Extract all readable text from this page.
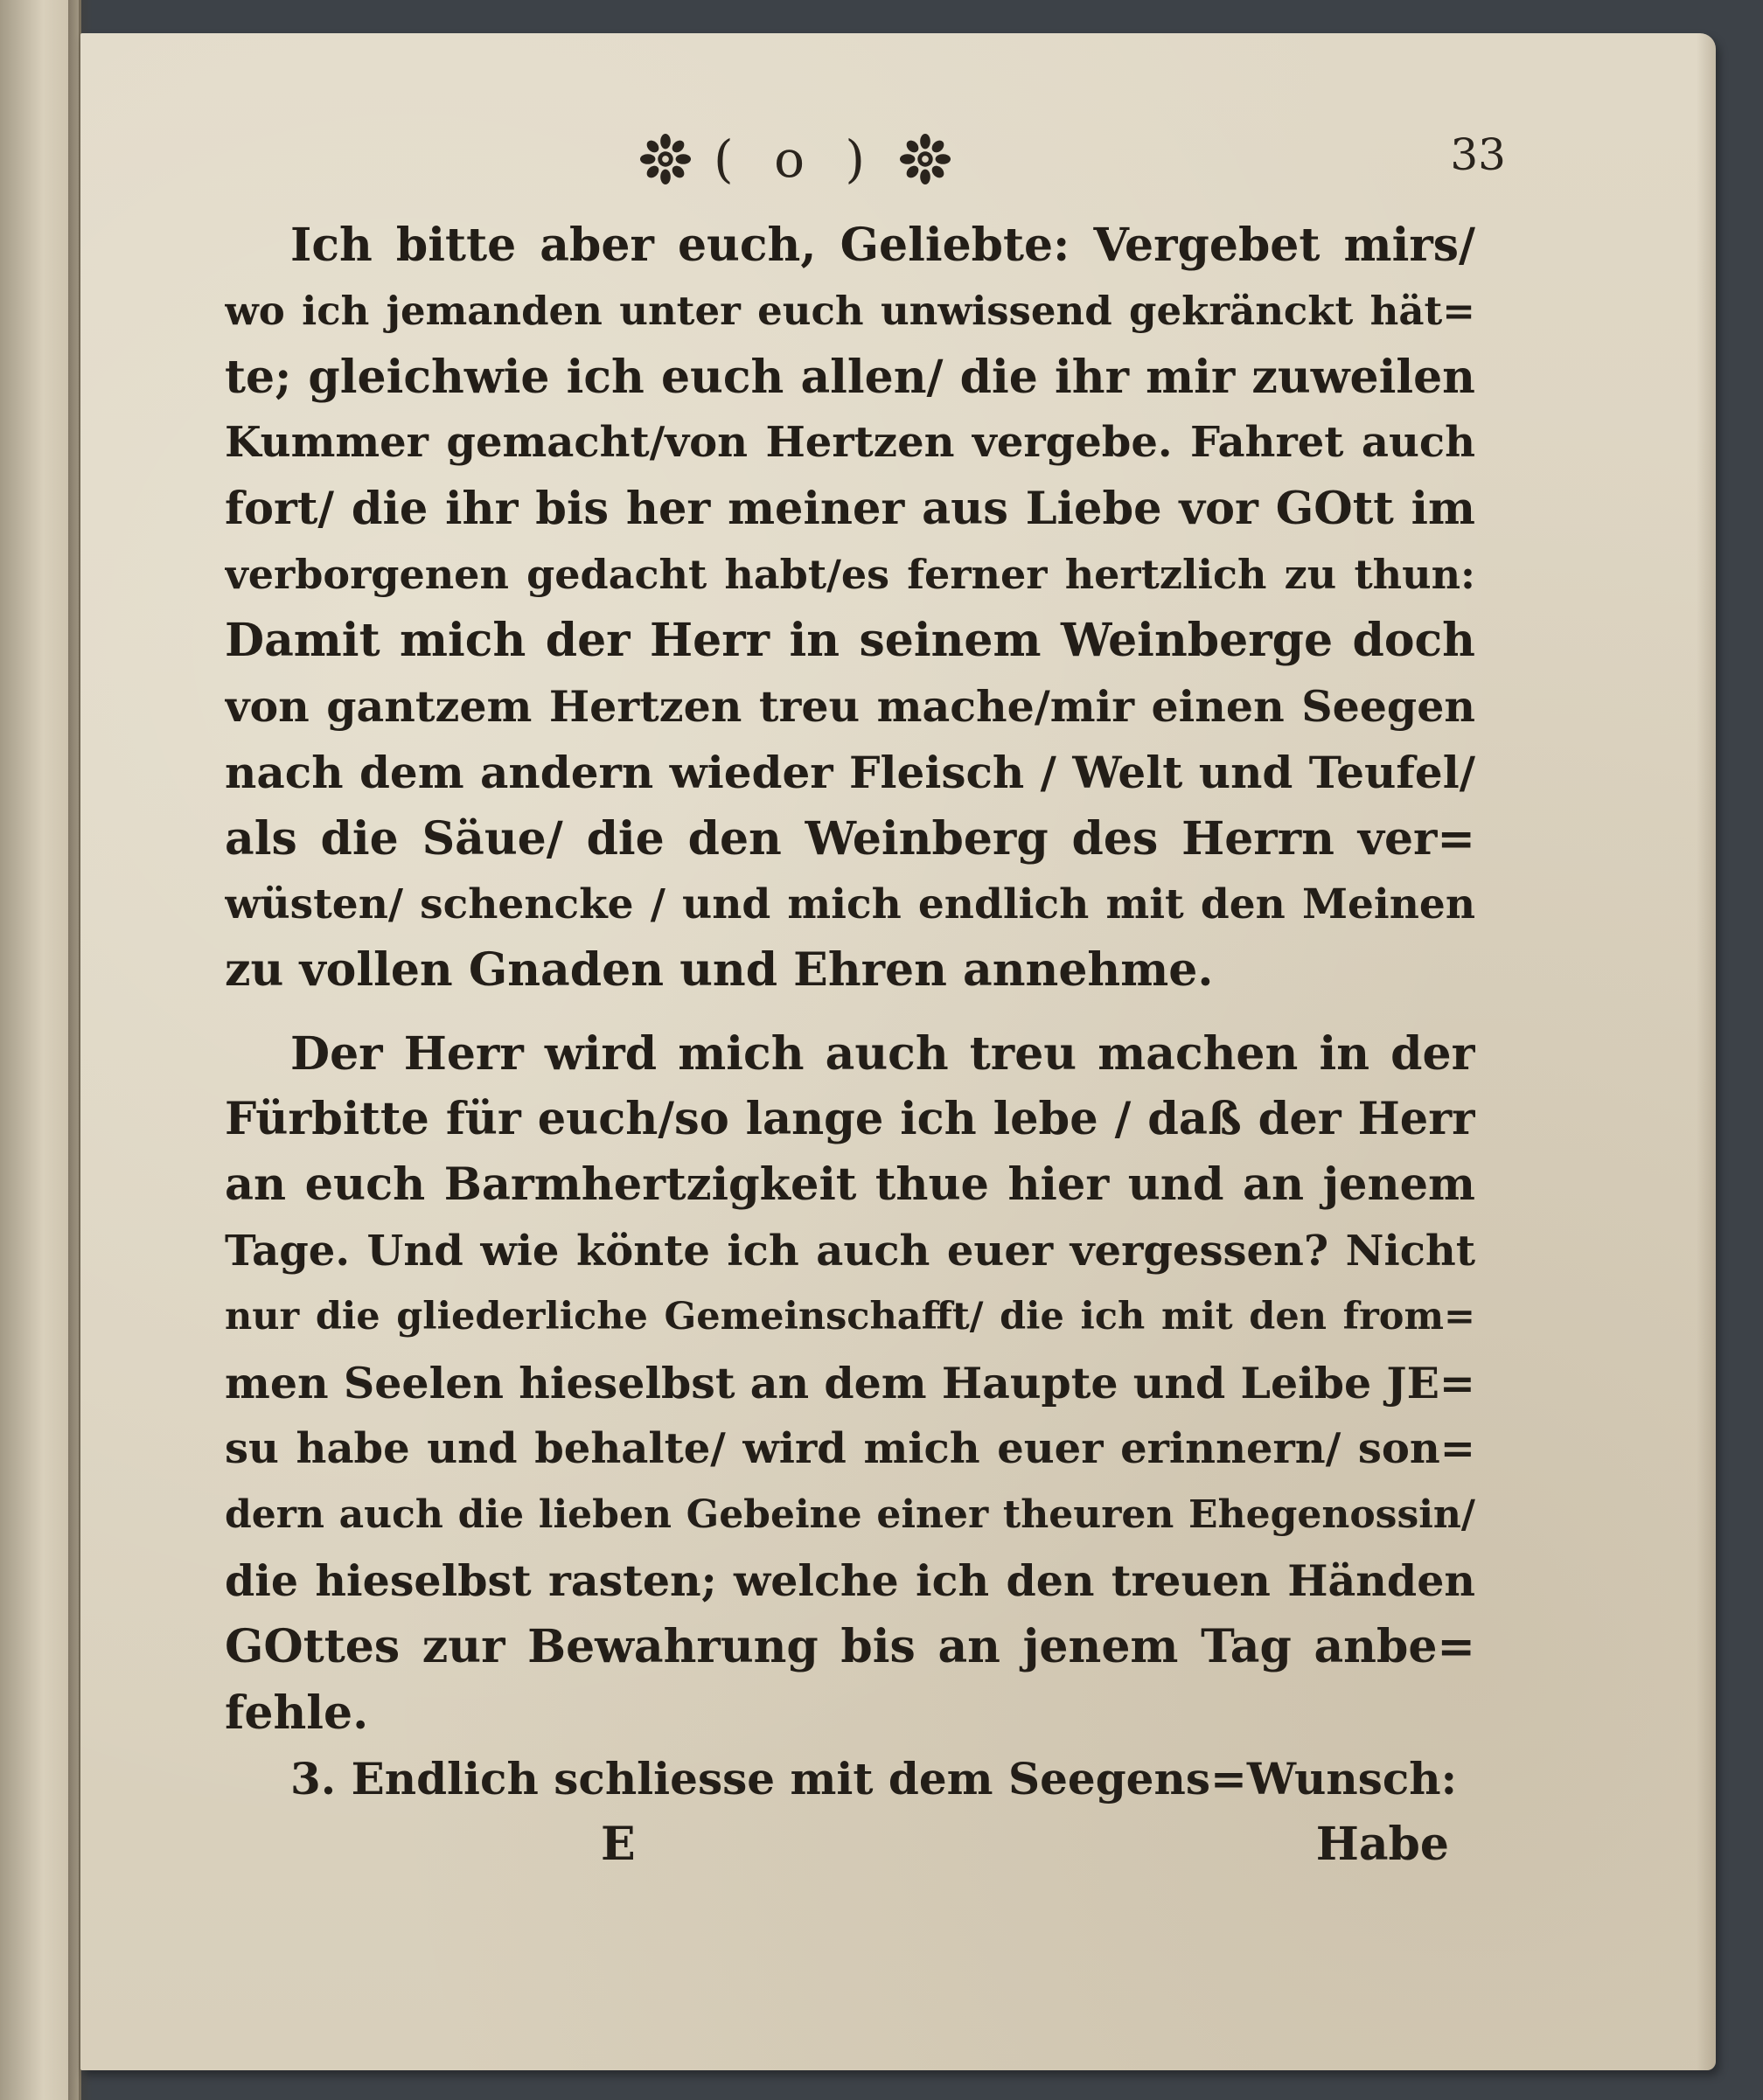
( o )	33
Ich bitte aber euch, Geliebte: Vergebet mirs/
wo ich jemanden unter euch unwissend gekränckt hät=
te; gleichwie ich euch allen/ die ihr mir zuweilen
Kummer gemacht/von Hertzen vergebe. Fahret auch
fort/ die ihr bis her meiner aus Liebe vor GOtt im
verborgenen gedacht habt/es ferner hertzlich zu thun:
Damit mich der Herr in seinem Weinberge doch
von gantzem Hertzen treu mache/mir einen Seegen
nach dem andern wieder Fleisch / Welt und Teufel/
als die Säue/ die den Weinberg des Herrn ver=
wüsten/ schencke / und mich endlich mit den Meinen
zu vollen Gnaden und Ehren annehme.
Der Herr wird mich auch treu machen in der
Fürbitte für euch/so lange ich lebe / daß der Herr
an euch Barmhertzigkeit thue hier und an jenem
Tage. Und wie könte ich auch euer vergessen? Nicht
nur die gliederliche Gemeinschafft/ die ich mit den from=
men Seelen hieselbst an dem Haupte und Leibe JE=
su habe und behalte/ wird mich euer erinnern/ son=
dern auch die lieben Gebeine einer theuren Ehegenossin/
die hieselbst rasten; welche ich den treuen Händen
GOttes zur Bewahrung bis an jenem Tag anbe=
fehle.
3. Endlich schliesse mit dem Seegens=Wunsch:
E	Habe
